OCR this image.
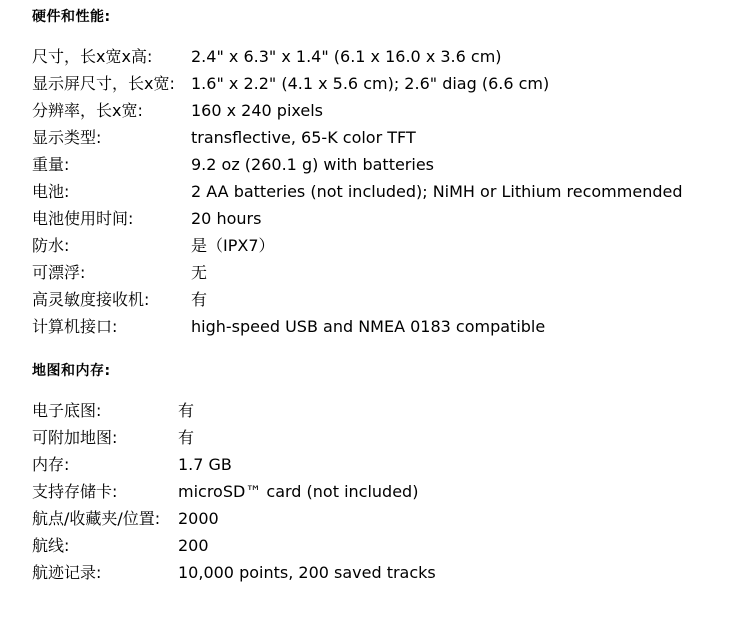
硬件和性能:
尺寸，长x宽x高:	2.4" x 6.3" x 1.4" (6.1 x 16.0 x 3.6 cm)
显示屏尺寸，长x宽:	1.6" x 2.2" (4.1 x 5.6 cm); 2.6" diag (6.6 cm)
分辨率，长x宽:	160 x 240 pixels
显示类型:	transflective, 65-K color TFT
重量:	9.2 oz (260.1 g) with batteries
电池:	2 AA batteries (not included); NiMH or Lithium recommended
电池使用时间:	20 hours
防水:	是（IPX7）
可漂浮:	无
高灵敏度接收机:	有
计算机接口:	high-speed USB and NMEA 0183 compatible
地图和内存:
电子底图:	有
可附加地图:	有
内存:	1.7 GB
支持存储卡:	microSD™ card (not included)
航点/收藏夹/位置:	2000
航线:	200
航迹记录:	10,000 points, 200 saved tracks
